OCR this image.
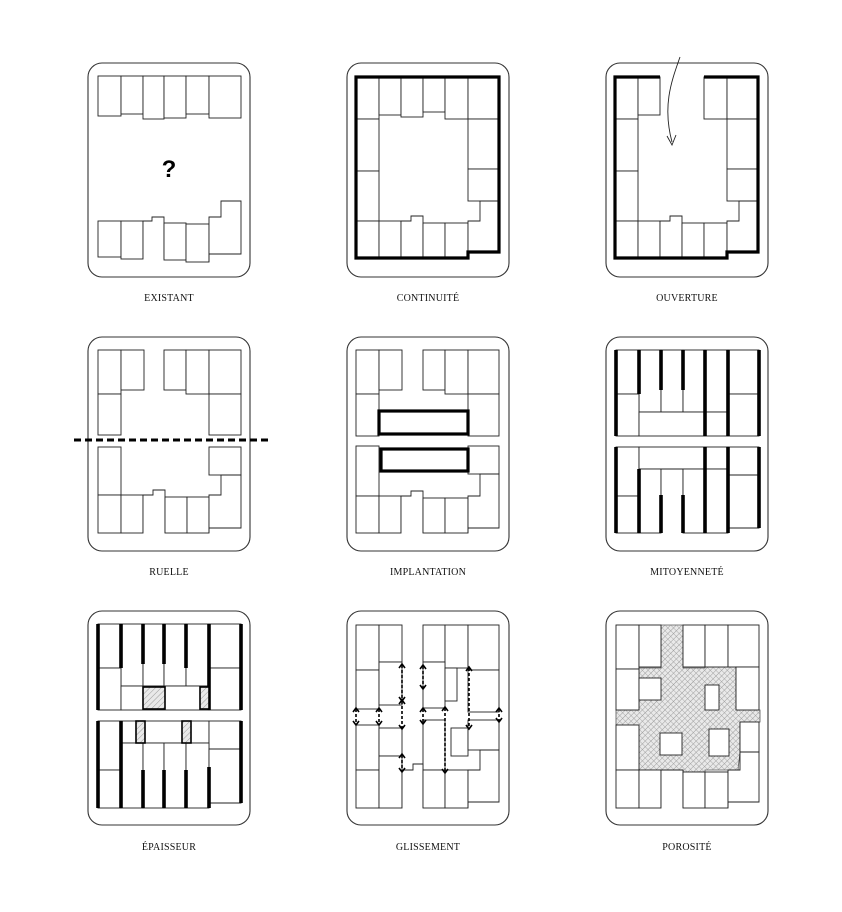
?
EXISTANT	CONTINUITÉ	OUVERTURE
RUELLE	IMPLANTATION	MITOYENNETÉ
ÉPAISSEUR	GLISSEMENT	POROSITÉ
